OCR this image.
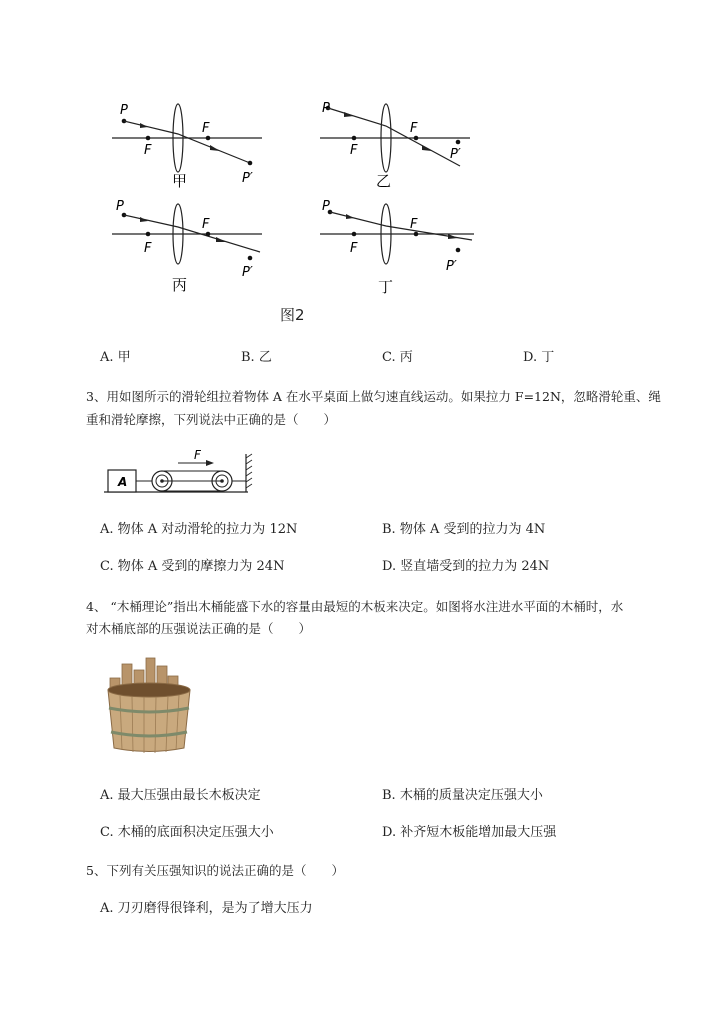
P
F
F
P′
甲
P
F
F
P′
乙
P
F
F
P′
丙
P
F
F
P′
丁
图2
A. 甲	B. 乙	C. 丙	D. 丁
3、用如图所示的滑轮组拉着物体 A 在水平桌面上做匀速直线运动。如果拉力 F=12N，忽略滑轮重、绳
重和滑轮摩擦，下列说法中正确的是（　　）
A
F
A. 物体 A 对动滑轮的拉力为 12N	B. 物体 A 受到的拉力为 4N
C. 物体 A 受到的摩擦力为 24N	D. 竖直墙受到的拉力为 24N
4、 “木桶理论”指出木桶能盛下水的容量由最短的木板来决定。如图将水注进水平面的木桶时，水
对木桶底部的压强说法正确的是（　　）
A. 最大压强由最长木板决定	B. 木桶的质量决定压强大小
C. 木桶的底面积决定压强大小	D. 补齐短木板能增加最大压强
5、下列有关压强知识的说法正确的是（　　）
A. 刀刃磨得很锋利，是为了增大压力
